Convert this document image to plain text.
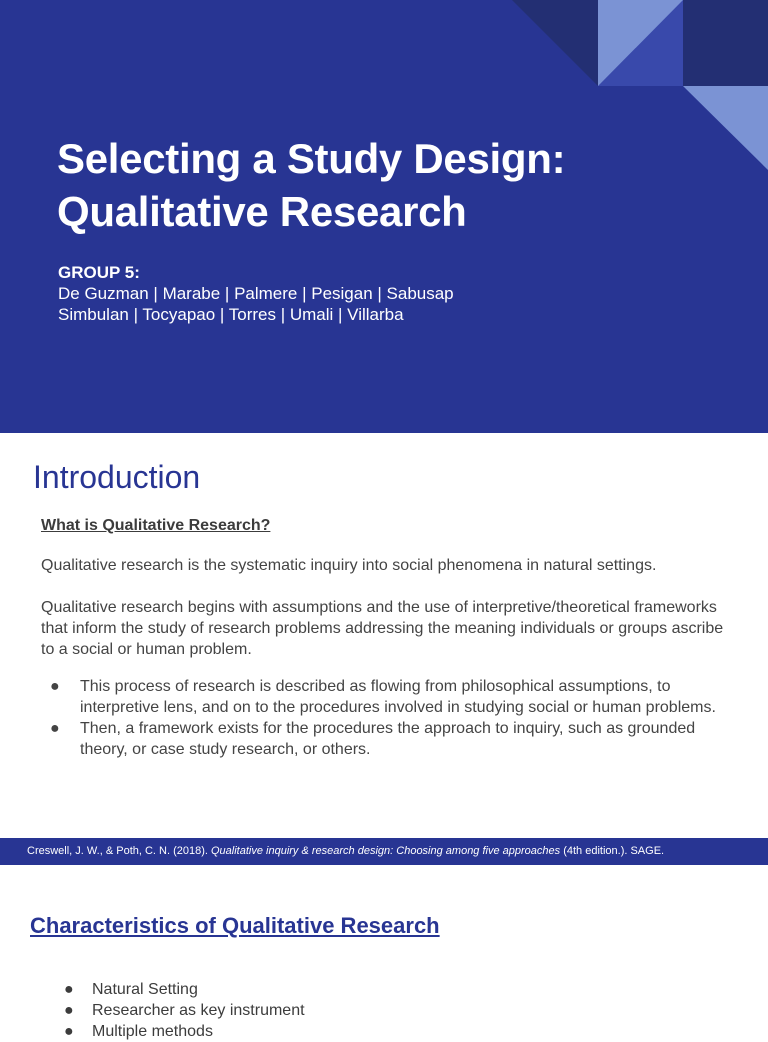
Selecting a Study Design:
Qualitative Research
GROUP 5:
De Guzman | Marabe | Palmere | Pesigan | Sabusap
Simbulan | Tocyapao | Torres | Umali | Villarba
Introduction
What is Qualitative Research?

Qualitative research is the systematic inquiry into social phenomena in natural settings.

Qualitative research begins with assumptions and the use of interpretive/theoretical frameworks that inform the study of research problems addressing the meaning individuals or groups ascribe to a social or human problem.

● This process of research is described as flowing from philosophical assumptions, to interpretive lens, and on to the procedures involved in studying social or human problems.
● Then, a framework exists for the procedures the approach to inquiry, such as grounded theory, or case study research, or others.
Creswell, J. W., & Poth, C. N. (2018). Qualitative inquiry & research design: Choosing among five approaches (4th edition.). SAGE.
Characteristics of Qualitative Research
● Natural Setting
● Researcher as key instrument
● Multiple methods
